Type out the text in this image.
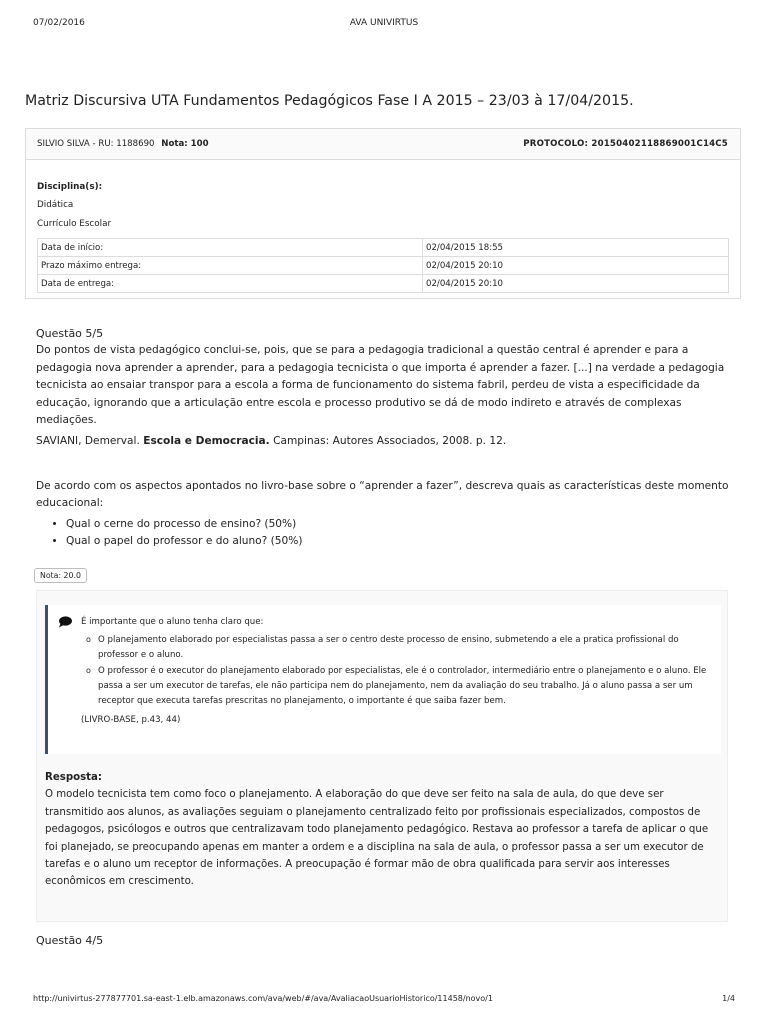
07/02/2016	AVA UNIVIRTUS
Matriz Discursiva UTA Fundamentos Pedagógicos Fase I A 2015 – 23/03 à 17/04/2015.
SILVIO SILVA - RU: 1188690 Nota: 100	PROTOCOLO: 20150402118869001C14C5
Disciplina(s):
Didática
Currículo Escolar
Data de início:	02/04/2015 18:55
Prazo máximo entrega:	02/04/2015 20:10
Data de entrega:	02/04/2015 20:10
Questão 5/5
Do pontos de vista pedagógico conclui-se, pois, que se para a pedagogia tradicional a questão central é aprender e para a pedagogia nova aprender a aprender, para a pedagogia tecnicista o que importa é aprender a fazer. [...] na verdade a pedagogia tecnicista ao ensaiar transpor para a escola a forma de funcionamento do sistema fabril, perdeu de vista a especificidade da educação, ignorando que a articulação entre escola e processo produtivo se dá de modo indireto e através de complexas mediações.
SAVIANI, Demerval. Escola e Democracia. Campinas: Autores Associados, 2008. p. 12.
De acordo com os aspectos apontados no livro-base sobre o “aprender a fazer”, descreva quais as características deste momento educacional:
• Qual o cerne do processo de ensino? (50%)
• Qual o papel do professor e do aluno? (50%)
Nota: 20.0
É importante que o aluno tenha claro que:
o O planejamento elaborado por especialistas passa a ser o centro deste processo de ensino, submetendo a ele a pratica profissional do professor e o aluno.
o O professor é o executor do planejamento elaborado por especialistas, ele é o controlador, intermediário entre o planejamento e o aluno. Ele passa a ser um executor de tarefas, ele não participa nem do planejamento, nem da avaliação do seu trabalho. Já o aluno passa a ser um receptor que executa tarefas prescritas no planejamento, o importante é que saiba fazer bem.
(LIVRO-BASE, p.43, 44)
Resposta:
O modelo tecnicista tem como foco o planejamento. A elaboração do que deve ser feito na sala de aula, do que deve ser transmitido aos alunos, as avaliações seguiam o planejamento centralizado feito por profissionais especializados, compostos de pedagogos, psicólogos e outros que centralizavam todo planejamento pedagógico. Restava ao professor a tarefa de aplicar o que foi planejado, se preocupando apenas em manter a ordem e a disciplina na sala de aula, o professor passa a ser um executor de tarefas e o aluno um receptor de informações. A preocupação é formar mão de obra qualificada para servir aos interesses econômicos em crescimento.
Questão 4/5
http://univirtus-277877701.sa-east-1.elb.amazonaws.com/ava/web/#/ava/AvaliacaoUsuarioHistorico/11458/novo/1	1/4
